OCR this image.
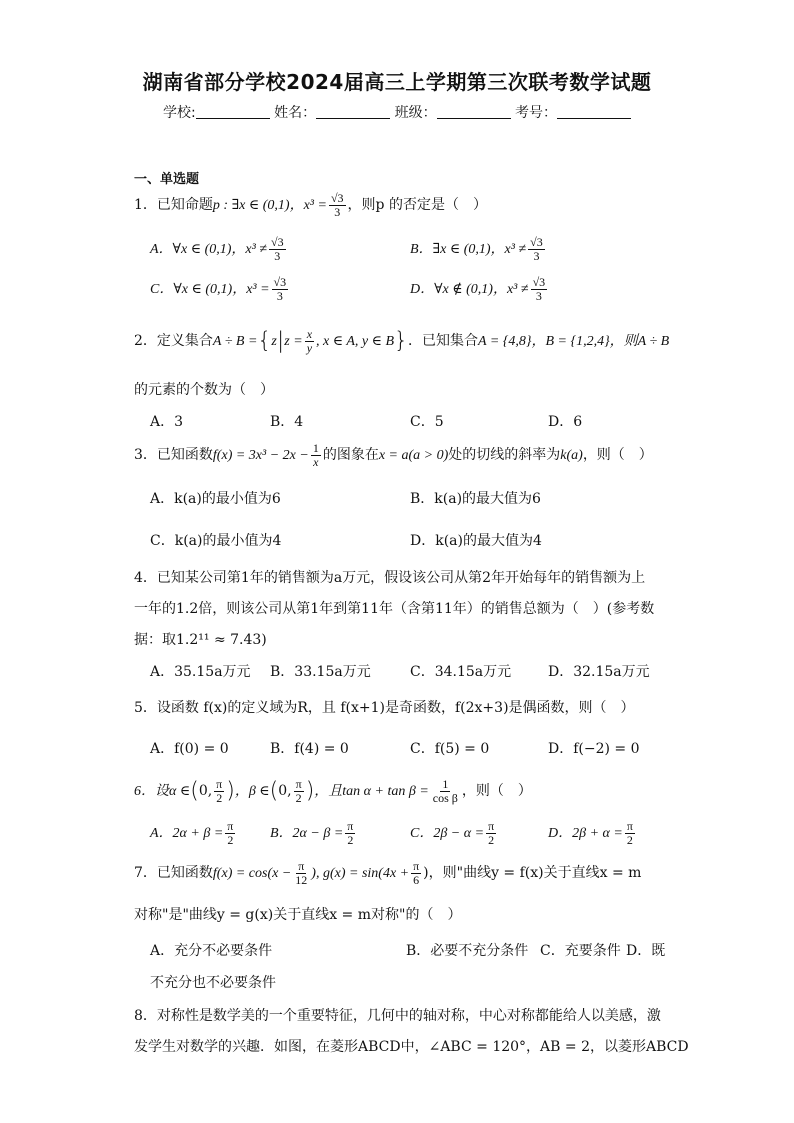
湖南省部分学校2024届高三上学期第三次联考数学试题
学校:	姓名：	班级：	考号：
一、单选题
1．已知命题p : ∃x ∈ (0,1)，$x^3 = \frac{√3}{3}$ ，则p 的否定是（　）
A．∀x ∈ (0,1)，$x^3 \ne \frac{√3}{3}$	B．∃x ∈ (0,1)，$x^3 \ne \frac{√3}{3}$
C．∀x ∈ (0,1)，$x^3 = \frac{√3}{3}$	D．∀x ∉ (0,1)，$x^3 \ne \frac{√3}{3}$
2．定义集合$A \div B =\{z|z = \frac{x}{y}$ , x ∈ A, y ∈ B}．已知集合A = {4,8}，B = {1,2,4}，则A ÷ B
的元素的个数为（　）
A．3	B．4	C．5	D．6
3．已知函数$f(x) = 3x^3 - 2x - \frac{1}{x}$ 的图象在x = a(a > 0)处的切线的斜率为k(a)，则（　）
A．k(a)的最小值为6	B．k(a)的最大值为6
C．k(a)的最小值为4	D．k(a)的最大值为4
4．已知某公司第1年的销售额为a万元，假设该公司从第2年开始每年的销售额为上
一年的1.2倍，则该公司从第1年到第11年（含第11年）的销售总额为（　）(参考数
据：取1.2¹¹ ≈ 7.43)
A．35.15a万元 B．33.15a万元	C．34.15a万元	D．32.15a万元
5．设函数 f(x)的定义域为R，且 f(x+1)是奇函数，f(2x+3)是偶函数，则（　）
A．f(0) = 0	B．f(4) = 0	C．f(5) = 0	D．f(−2) = 0
6．设α ∈(0, $\frac{\pi}{2}$ )，β ∈(0, $\frac{\pi}{2}$ )，且$\tan \alpha + \tan \beta = \frac{1}{\text{cos β}}$ ，则（　）
A．$2\alpha + \beta = \frac{\pi}{2}$ B．$2\alpha - \beta = \frac{\pi}{2}$	C．$2\beta - \alpha = \frac{\pi}{2}$	D．$2\beta + \alpha = \frac{\pi}{2}$
7．已知函数$f(x) = \cos(x - \frac{\pi}{12}$ ), $g(x) = \sin(4x + \frac{\pi}{6}$ )，则"曲线y = f(x)关于直线x = m
对称"是"曲线y = g(x)关于直线x = m对称"的（　）
A．充分不必要条件	B．必要不充分条件 C．充要条件 D．既
不充分也不必要条件
8．对称性是数学美的一个重要特征，几何中的轴对称，中心对称都能给人以美感，激
发学生对数学的兴趣．如图，在菱形ABCD中，∠ABC = 120°，AB = 2，以菱形ABCD
